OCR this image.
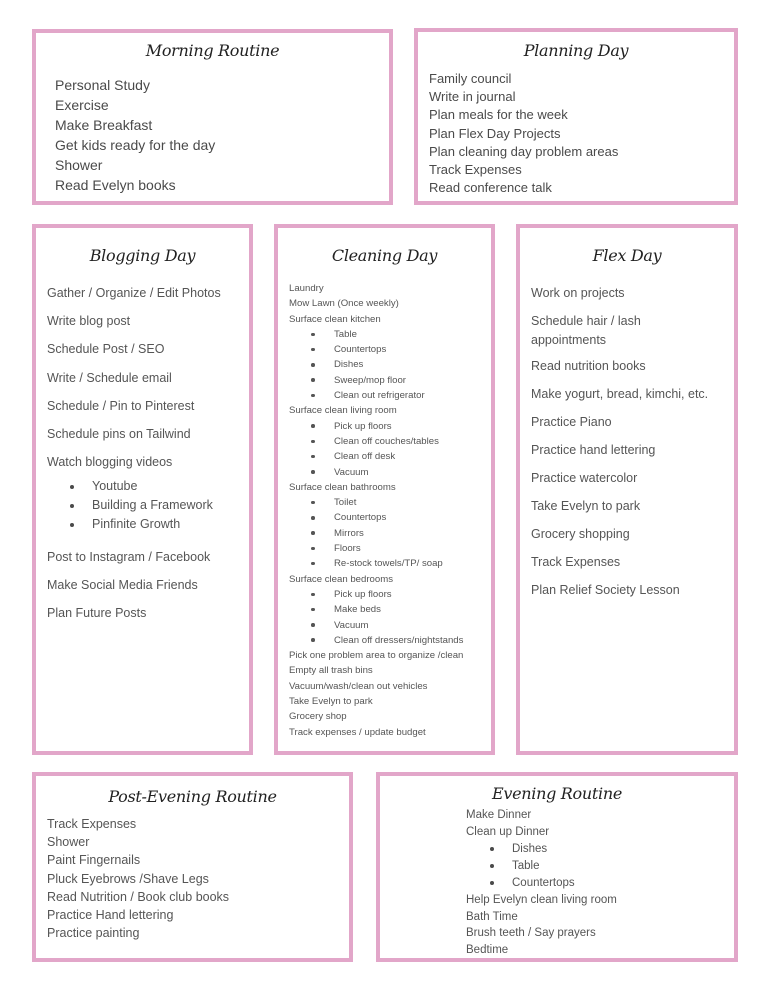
Morning Routine
Personal Study
Exercise
Make Breakfast
Get kids ready for the day
Shower
Read Evelyn books
Planning Day
Family council
Write in journal
Plan meals for the week
Plan Flex Day Projects
Plan cleaning day problem areas
Track Expenses
Read conference talk
Blogging Day
Gather / Organize / Edit Photos
Write blog post
Schedule Post / SEO
Write / Schedule email
Schedule / Pin to Pinterest
Schedule pins on Tailwind
Watch blogging videos
Youtube
Building a Framework
Pinfinite Growth
Post to Instagram / Facebook
Make Social Media Friends
Plan Future Posts
Cleaning Day
Laundry
Mow Lawn (Once weekly)
Surface clean kitchen
Table
Countertops
Dishes
Sweep/mop floor
Clean out refrigerator
Surface clean living room
Pick up floors
Clean off couches/tables
Clean off desk
Vacuum
Surface clean bathrooms
Toilet
Countertops
Mirrors
Floors
Re-stock towels/TP/ soap
Surface clean bedrooms
Pick up floors
Make beds
Vacuum
Clean off dressers/nightstands
Pick one problem area to organize /clean
Empty all trash bins
Vacuum/wash/clean out vehicles
Take Evelyn to park
Grocery shop
Track expenses / update budget
Flex Day
Work on projects
Schedule hair / lash
appointments
Read nutrition books
Make yogurt, bread, kimchi, etc.
Practice Piano
Practice hand lettering
Practice watercolor
Take Evelyn to park
Grocery shopping
Track Expenses
Plan Relief Society Lesson
Post-Evening Routine
Track Expenses
Shower
Paint Fingernails
Pluck Eyebrows /Shave Legs
Read Nutrition / Book club books
Practice Hand lettering
Practice painting
Evening Routine
Make Dinner
Clean up Dinner
Dishes
Table
Countertops
Help Evelyn clean living room
Bath Time
Brush teeth / Say prayers
Bedtime
